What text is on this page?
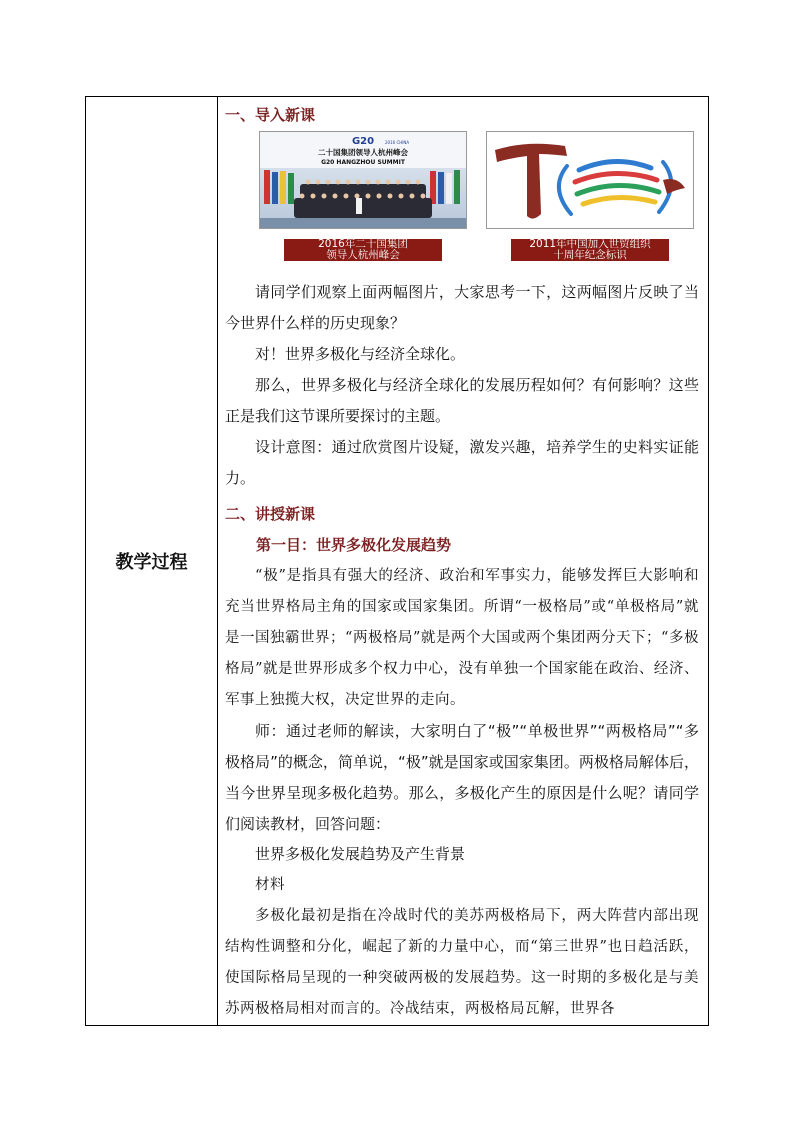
教学过程
一、导入新课
G20	2016 CHINA
二十国集团领导人杭州峰会
G20 HANGZHOU SUMMIT
2016年二十国集团
领导人杭州峰会
2011年中国加入世贸组织
十周年纪念标识

请同学们观察上面两幅图片，大家思考一下，这两幅图片反映了当今世界什么样的历史现象？

对！世界多极化与经济全球化。

那么，世界多极化与经济全球化的发展历程如何？有何影响？这些正是我们这节课所要探讨的主题。

设计意图：通过欣赏图片设疑，激发兴趣，培养学生的史料实证能力。

二、讲授新课
第一目：世界多极化发展趋势

“极”是指具有强大的经济、政治和军事实力，能够发挥巨大影响和充当世界格局主角的国家或国家集团。所谓“一极格局”或“单极格局”就是一国独霸世界；“两极格局”就是两个大国或两个集团两分天下；“多极格局”就是世界形成多个权力中心，没有单独一个国家能在政治、经济、军事上独揽大权，决定世界的走向。

师：通过老师的解读，大家明白了“极”“单极世界”“两极格局”“多极格局”的概念，简单说，“极”就是国家或国家集团。两极格局解体后，当今世界呈现多极化趋势。那么，多极化产生的原因是什么呢？请同学们阅读教材，回答问题：

世界多极化发展趋势及产生背景

材料

多极化最初是指在冷战时代的美苏两极格局下，两大阵营内部出现结构性调整和分化，崛起了新的力量中心，而“第三世界”也日趋活跃，使国际格局呈现的一种突破两极的发展趋势。这一时期的多极化是与美苏两极格局相对而言的。冷战结束，两极格局瓦解，世界各
